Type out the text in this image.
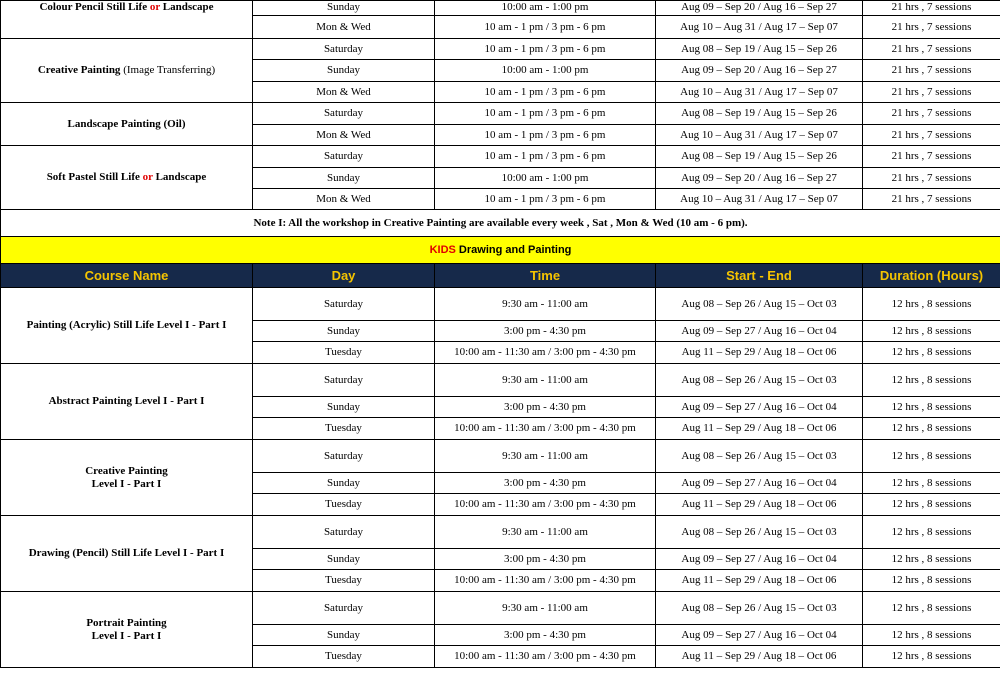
Colour Pencil Still Life or Landscape	Sunday	10:00 am - 1:00 pm	Aug 09 – Sep 20 / Aug 16 – Sep 27	21 hrs , 7 sessions
	Mon & Wed	10 am - 1 pm / 3 pm - 6 pm	Aug 10 – Aug 31 / Aug 17 – Sep 07	21 hrs , 7 sessions
Creative Painting (Image Transferring)	Saturday	10 am - 1 pm / 3 pm - 6 pm	Aug 08 – Sep 19 / Aug 15 – Sep 26	21 hrs , 7 sessions
	Sunday	10:00 am - 1:00 pm	Aug 09 – Sep 20 / Aug 16 – Sep 27	21 hrs , 7 sessions
	Mon & Wed	10 am - 1 pm / 3 pm - 6 pm	Aug 10 – Aug 31 / Aug 17 – Sep 07	21 hrs , 7 sessions
Landscape Painting (Oil)	Saturday	10 am - 1 pm / 3 pm - 6 pm	Aug 08 – Sep 19 / Aug 15 – Sep 26	21 hrs , 7 sessions
	Mon & Wed	10 am - 1 pm / 3 pm - 6 pm	Aug 10 – Aug 31 / Aug 17 – Sep 07	21 hrs , 7 sessions
Soft Pastel Still Life or Landscape	Saturday	10 am - 1 pm / 3 pm - 6 pm	Aug 08 – Sep 19 / Aug 15 – Sep 26	21 hrs , 7 sessions
	Sunday	10:00 am - 1:00 pm	Aug 09 – Sep 20 / Aug 16 – Sep 27	21 hrs , 7 sessions
	Mon & Wed	10 am - 1 pm / 3 pm - 6 pm	Aug 10 – Aug 31 / Aug 17 – Sep 07	21 hrs , 7 sessions
Note I: All the workshop in Creative Painting are available every week , Sat , Mon & Wed (10 am - 6 pm).				
KIDS Drawing and Painting				
Course Name	Day	Time	Start - End	Duration (Hours)
Painting (Acrylic) Still Life Level I - Part I	Saturday	9:30 am - 11:00 am	Aug 08 – Sep 26 / Aug 15 – Oct 03	12 hrs , 8 sessions
	Sunday	3:00 pm - 4:30 pm	Aug 09 – Sep 27 / Aug 16 – Oct 04	12 hrs , 8 sessions
	Tuesday	10:00 am - 11:30 am / 3:00 pm - 4:30 pm	Aug 11 – Sep 29 / Aug 18 – Oct 06	12 hrs , 8 sessions
Abstract Painting Level I - Part I	Saturday	9:30 am - 11:00 am	Aug 08 – Sep 26 / Aug 15 – Oct 03	12 hrs , 8 sessions
	Sunday	3:00 pm - 4:30 pm	Aug 09 – Sep 27 / Aug 16 – Oct 04	12 hrs , 8 sessions
	Tuesday	10:00 am - 11:30 am / 3:00 pm - 4:30 pm	Aug 11 – Sep 29 / Aug 18 – Oct 06	12 hrs , 8 sessions
Creative Painting
Level I - Part I	Saturday	9:30 am - 11:00 am	Aug 08 – Sep 26 / Aug 15 – Oct 03	12 hrs , 8 sessions
	Sunday	3:00 pm - 4:30 pm	Aug 09 – Sep 27 / Aug 16 – Oct 04	12 hrs , 8 sessions
	Tuesday	10:00 am - 11:30 am / 3:00 pm - 4:30 pm	Aug 11 – Sep 29 / Aug 18 – Oct 06	12 hrs , 8 sessions
Drawing (Pencil) Still Life Level I - Part I	Saturday	9:30 am - 11:00 am	Aug 08 – Sep 26 / Aug 15 – Oct 03	12 hrs , 8 sessions
	Sunday	3:00 pm - 4:30 pm	Aug 09 – Sep 27 / Aug 16 – Oct 04	12 hrs , 8 sessions
	Tuesday	10:00 am - 11:30 am / 3:00 pm - 4:30 pm	Aug 11 – Sep 29 / Aug 18 – Oct 06	12 hrs , 8 sessions
Portrait Painting
Level I - Part I	Saturday	9:30 am - 11:00 am	Aug 08 – Sep 26 / Aug 15 – Oct 03	12 hrs , 8 sessions
	Sunday	3:00 pm - 4:30 pm	Aug 09 – Sep 27 / Aug 16 – Oct 04	12 hrs , 8 sessions
	Tuesday	10:00 am - 11:30 am / 3:00 pm - 4:30 pm	Aug 11 – Sep 29 / Aug 18 – Oct 06	12 hrs , 8 sessions
